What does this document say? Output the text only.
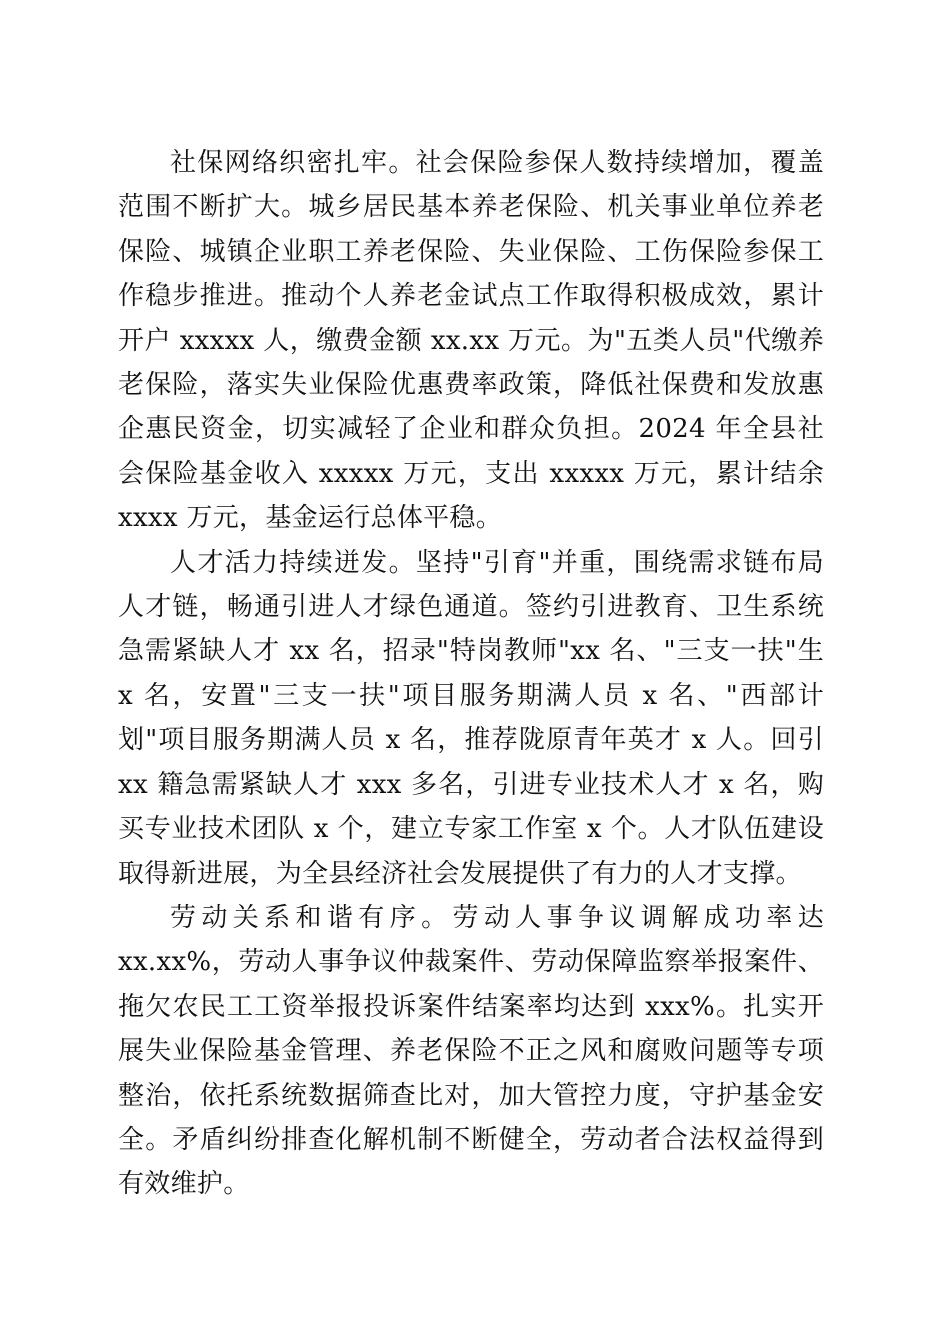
社保网络织密扎牢。社会保险参保人数持续增加，覆盖范围不断扩大。城乡居民基本养老保险、机关事业单位养老保险、城镇企业职工养老保险、失业保险、工伤保险参保工作稳步推进。推动个人养老金试点工作取得积极成效，累计开户 xxxxx 人，缴费金额 xx.xx 万元。为"五类人员"代缴养老保险，落实失业保险优惠费率政策，降低社保费和发放惠企惠民资金，切实减轻了企业和群众负担。2024 年全县社会保险基金收入 xxxxx 万元，支出 xxxxx 万元，累计结余 xxxx 万元，基金运行总体平稳。

人才活力持续迸发。坚持"引育"并重，围绕需求链布局人才链，畅通引进人才绿色通道。签约引进教育、卫生系统急需紧缺人才 xx 名，招录"特岗教师"xx 名、"三支一扶"生 x 名，安置"三支一扶"项目服务期满人员 x 名、"西部计划"项目服务期满人员 x 名，推荐陇原青年英才 x 人。回引 xx 籍急需紧缺人才 xxx 多名，引进专业技术人才 x 名，购买专业技术团队 x 个，建立专家工作室 x 个。人才队伍建设取得新进展，为全县经济社会发展提供了有力的人才支撑。

劳动关系和谐有序。劳动人事争议调解成功率达 xx.xx%，劳动人事争议仲裁案件、劳动保障监察举报案件、拖欠农民工工资举报投诉案件结案率均达到 xxx%。扎实开展失业保险基金管理、养老保险不正之风和腐败问题等专项整治，依托系统数据筛查比对，加大管控力度，守护基金安全。矛盾纠纷排查化解机制不断健全，劳动者合法权益得到有效维护。
